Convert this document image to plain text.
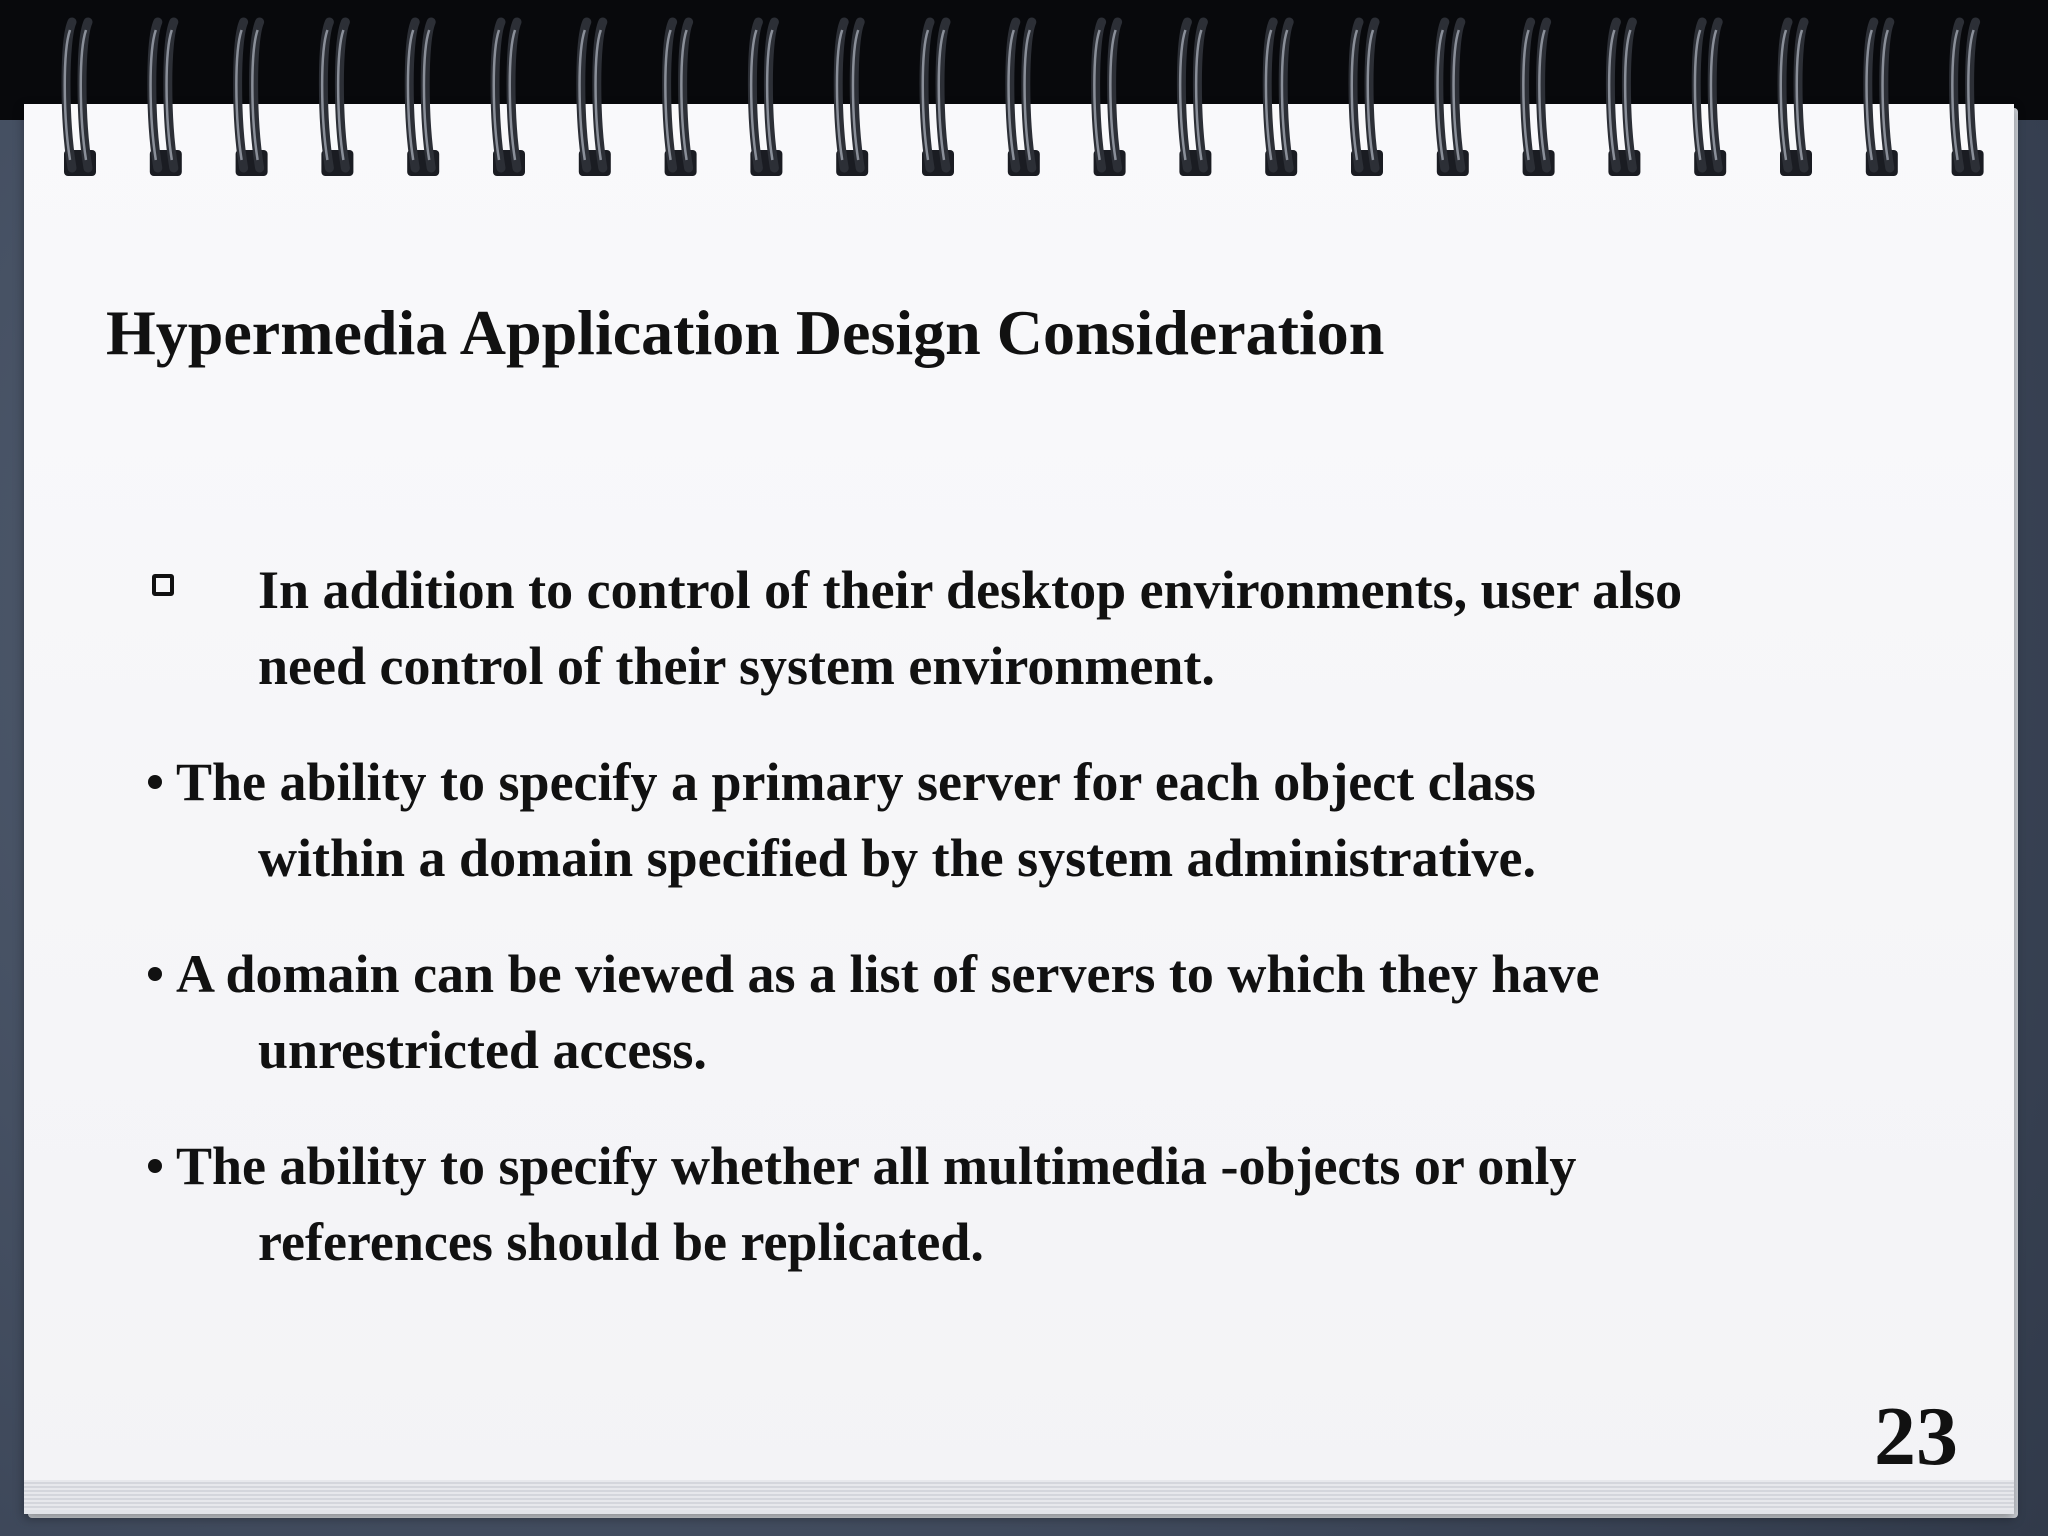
Hypermedia Application Design Consideration
In addition to control of their desktop environments, user also
need control of their system environment.
The ability to specify a primary server for each object class
within a domain specified by the system administrative.
A domain can be viewed as a list of servers to which they have
unrestricted access.
The ability to specify whether all multimedia -objects or only
references should be replicated.
23
